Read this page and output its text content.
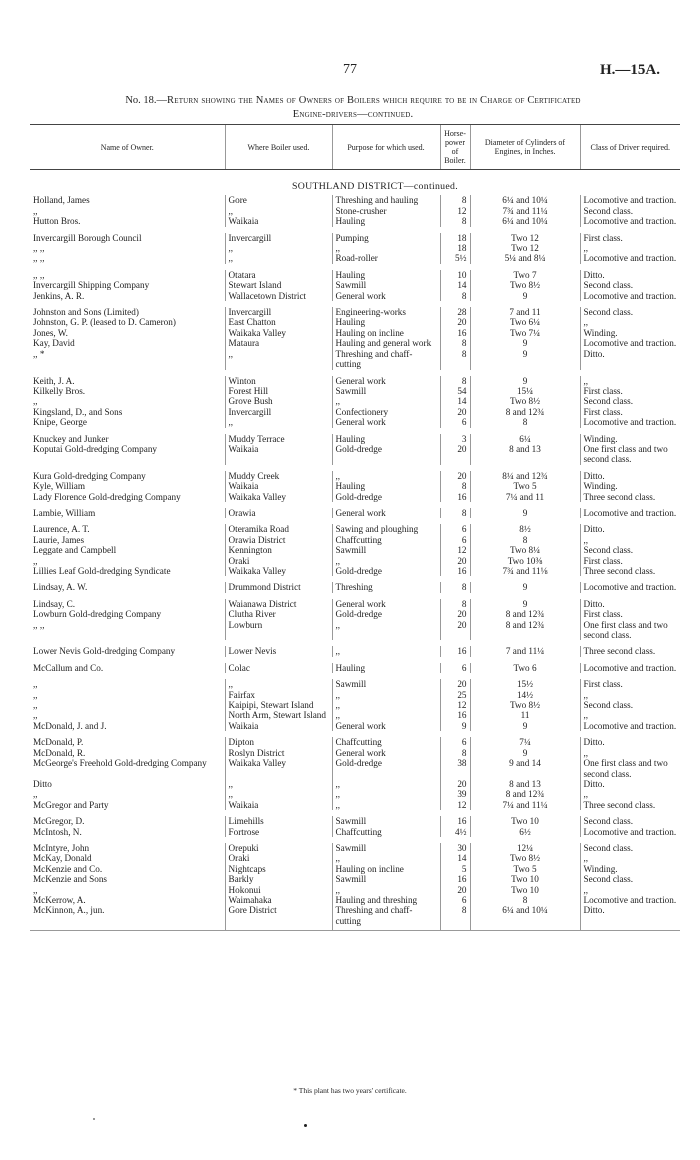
77	H.—15A.
No. 18.—Return showing the Names of Owners of Boilers which require to be in Charge of Certificated
Engine-drivers—continued.
Name of Owner.	Where Boiler used.	Purpose for which used.	Horse-power of Boiler.	Diameter of Cylinders of Engines, in Inches.	Class of Driver required.
SOUTHLAND DISTRICT—continued.					
Holland, James	Gore	Threshing and hauling	8	6¼ and 10¼	Locomotive and traction.
,,	,,	Stone-crusher	12	7¾ and 11¼	Second class.
Hutton Bros.	Waikaia	Hauling	8	6¼ and 10¼	Locomotive and traction.

Invercargill Borough Council	Invercargill	Pumping	18	Two 12	First class.
,, ,,	,,	,,	18	Two 12	,,
,, ,,	,,	Road-roller	5½	5¼ and 8¼	Locomotive and traction.

,, ,,	Otatara	Hauling	10	Two 7	Ditto.
Invercargill Shipping Company	Stewart Island	Sawmill	14	Two 8½	Second class.
Jenkins, A. R.	Wallacetown District	General work	8	9	Locomotive and traction.

Johnston and Sons (Limited)	Invercargill	Engineering-works	28	7 and 11	Second class.
Johnston, G. P. (leased to D. Cameron)	East Chatton	Hauling	20	Two 6¼	,,
Jones, W.	Waikaka Valley	Hauling on incline	16	Two 7¼	Winding.
Kay, David	Mataura	Hauling and general work	8	9	Locomotive and traction.
,, *	,,	Threshing and chaff-cutting	8	9	Ditto.

Keith, J. A.	Winton	General work	8	9	,,
Kilkelly Bros.	Forest Hill	Sawmill	54	15¼	First class.
,,	Grove Bush	,,	14	Two 8½	Second class.
Kingsland, D., and Sons	Invercargill	Confectionery	20	8 and 12¾	First class.
Knipe, George	,,	General work	6	8	Locomotive and traction.

Knuckey and Junker	Muddy Terrace	Hauling	3	6¼	Winding.
Koputai Gold-dredging Company	Waikaia	Gold-dredge	20	8 and 13	One first class and two second class.

Kura Gold-dredging Company	Muddy Creek	,,	20	8¼ and 12¾	Ditto.
Kyle, William	Waikaia	Hauling	8	Two 5	Winding.
Lady Florence Gold-dredging Company	Waikaka Valley	Gold-dredge	16	7¼ and 11	Three second class.

Lambie, William	Orawia	General work	8	9	Locomotive and traction.

Laurence, A. T.	Oteramika Road	Sawing and ploughing	6	8½	Ditto.
Laurie, James	Orawia District	Chaffcutting	6	8	,,
Leggate and Campbell	Kennington	Sawmill	12	Two 8¼	Second class.
,,	Oraki	,,	20	Two 10⅜	First class.
Lillies Leaf Gold-dredging Syndicate	Waikaka Valley	Gold-dredge	16	7¾ and 11⅛	Three second class.

Lindsay, A. W.	Drummond District	Threshing	8	9	Locomotive and traction.

Lindsay, C.	Waianawa District	General work	8	9	Ditto.
Lowburn Gold-dredging Company	Clutha River	Gold-dredge	20	8 and 12¾	First class.
,, ,,	Lowburn	,,	20	8 and 12¾	One first class and two second class.

Lower Nevis Gold-dredging Company	Lower Nevis	,,	16	7 and 11¼	Three second class.

McCallum and Co.	Colac	Hauling	6	Two 6	Locomotive and traction.

,,	,,	Sawmill	20	15½	First class.
,,	Fairfax	,,	25	14½	,,
,,	Kaipipi, Stewart Island	,,	12	Two 8½	Second class.
,,	North Arm, Stewart Island	,,	16	11	,,
McDonald, J. and J.	Waikaia	General work	9	9	Locomotive and traction.

McDonald, P.	Dipton	Chaffcutting	6	7¼	Ditto.
McDonald, R.	Roslyn District	General work	8	9	,,
McGeorge's Freehold Gold-dredging Company	Waikaka Valley	Gold-dredge	38	9 and 14	One first class and two second class.
Ditto	,,	,,	20	8 and 13	Ditto.
,,	,,	,,	39	8 and 12¾	,,
McGregor and Party	Waikaia	,,	12	7¼ and 11¼	Three second class.

McGregor, D.	Limehills	Sawmill	16	Two 10	Second class.
McIntosh, N.	Fortrose	Chaffcutting	4½	6½	Locomotive and traction.

McIntyre, John	Orepuki	Sawmill	30	12¼	Second class.
McKay, Donald	Oraki	,,	14	Two 8½	,,
McKenzie and Co.	Nightcaps	Hauling on incline	5	Two 5	Winding.
McKenzie and Sons	Barkly	Sawmill	16	Two 10	Second class.
,,	Hokonui	,,	20	Two 10	,,
McKerrow, A.	Waimahaka	Hauling and threshing	6	8	Locomotive and traction.
McKinnon, A., jun.	Gore District	Threshing and chaff-cutting	8	6¼ and 10¼	Ditto.
* This plant has two years' certificate.
